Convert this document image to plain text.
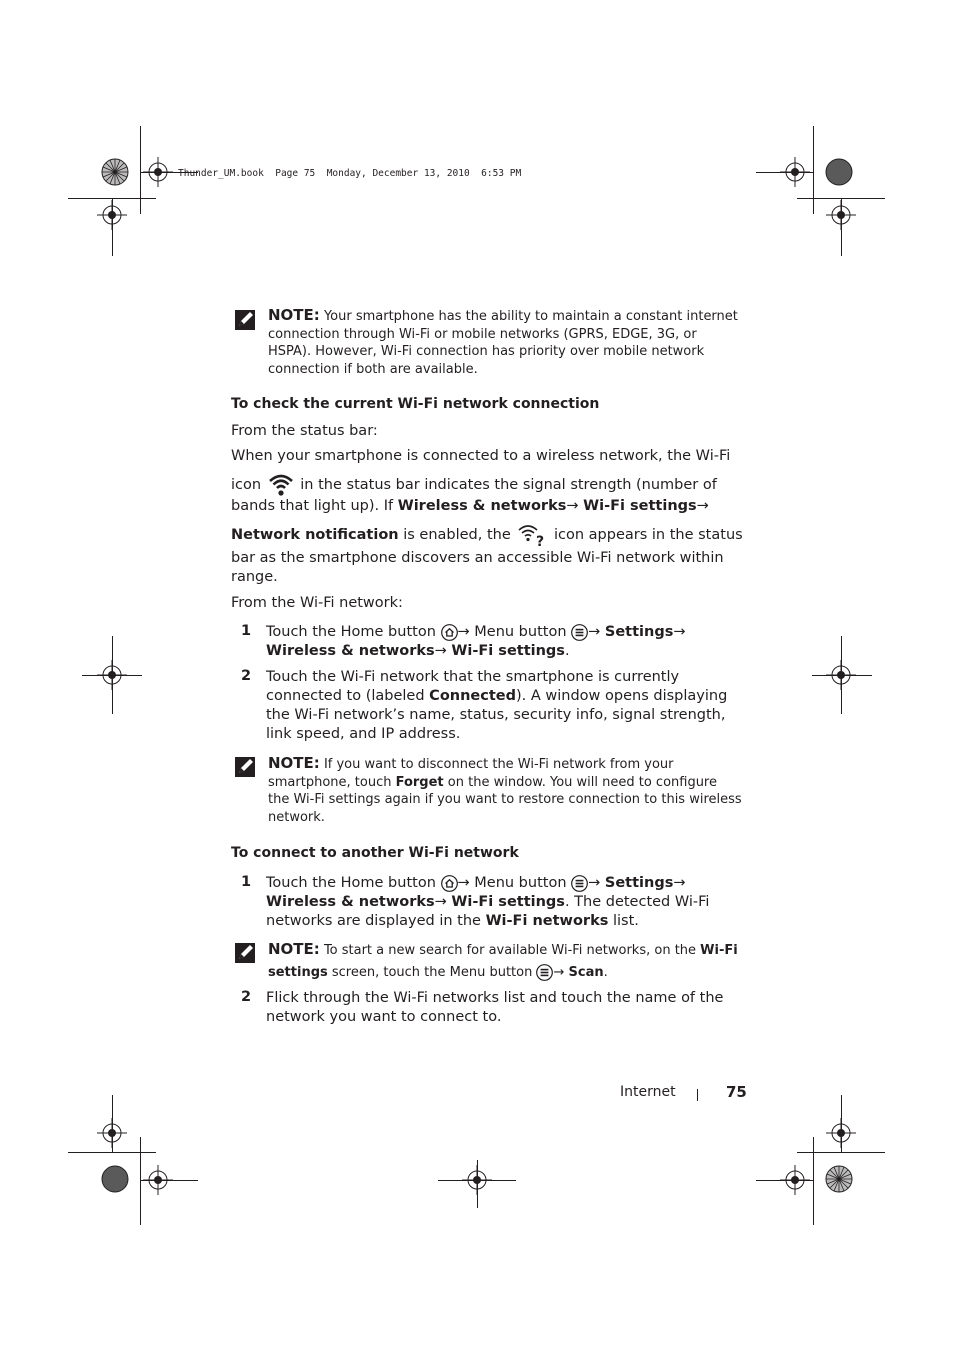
Thunder_UM.book  Page 75  Monday, December 13, 2010  6:53 PM
NOTE: Your smartphone has the ability to maintain a constant internet
connection through Wi-Fi or mobile networks (GPRS, EDGE, 3G, or
HSPA). However, Wi-Fi connection has priority over mobile network
connection if both are available.
To check the current Wi-Fi network connection
From the status bar:
When your smartphone is connected to a wireless network, the Wi-Fi
icon	in the status bar indicates the signal strength (number of
bands that light up). If Wireless & networks→ Wi-Fi settings→
Network notification is enabled, the ? icon appears in the status
bar as the smartphone discovers an accessible Wi-Fi network within
range.
From the Wi-Fi network:
1 Touch the Home button → Menu button → Settings→
Wireless & networks→ Wi-Fi settings.
2 Touch the Wi-Fi network that the smartphone is currently
connected to (labeled Connected). A window opens displaying
the Wi-Fi network’s name, status, security info, signal strength,
link speed, and IP address.
NOTE: If you want to disconnect the Wi-Fi network from your
smartphone, touch Forget on the window. You will need to configure
the Wi-Fi settings again if you want to restore connection to this wireless
network.
To connect to another Wi-Fi network
1 Touch the Home button → Menu button → Settings→
Wireless & networks→ Wi-Fi settings. The detected Wi-Fi
networks are displayed in the Wi-Fi networks list.
NOTE: To start a new search for available Wi-Fi networks, on the Wi-Fi
settings screen, touch the Menu button → Scan.
2 Flick through the Wi-Fi networks list and touch the name of the
network you want to connect to.
Internet	75
